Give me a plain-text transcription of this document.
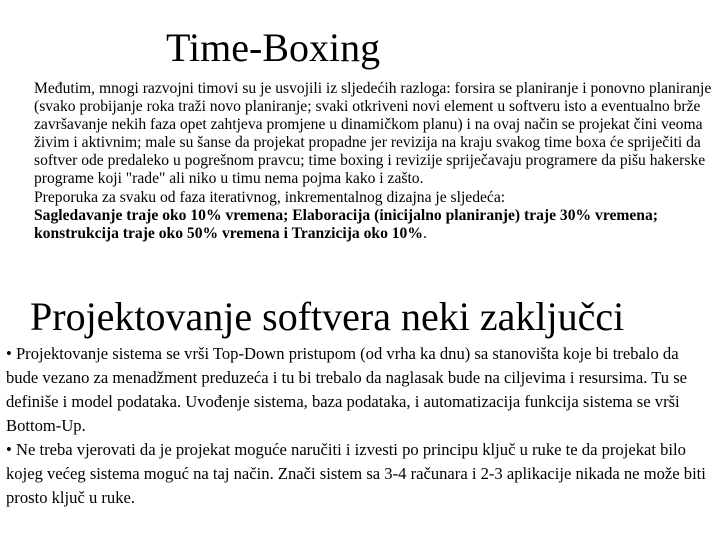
Time-Boxing

Međutim, mnogi razvojni timovi su je usvojili iz sljedećih razloga: forsira se planiranje i ponovno planiranje (svako probijanje roka traži novo planiranje; svaki otkriveni novi element u softveru isto a eventualno brže završavanje nekih faza opet zahtjeva promjene u dinamičkom planu) i na ovaj način se projekat čini veoma živim i aktivnim; male su šanse da projekat propadne jer revizija na kraju svakog time boxa će spriječiti da softver ode predaleko u pogrešnom pravcu; time boxing i revizije spriječavaju programere da pišu hakerske programe koji "rade" ali niko u timu nema pojma kako i zašto.

Preporuka za svaku od faza iterativnog, inkrementalnog dizajna je sljedeća:
Sagledavanje traje oko 10% vremena; Elaboracija (inicijalno planiranje) traje 30% vremena; konstrukcija traje oko 50% vremena i Tranzicija oko 10%.

Projektovanje softvera neki zaključci

• Projektovanje sistema se vrši Top-Down pristupom (od vrha ka dnu) sa stanovišta koje bi trebalo da bude vezano za menadžment preduzeća i tu bi trebalo da naglasak bude na ciljevima i resursima. Tu se definiše i model podataka. Uvođenje sistema, baza podataka, i automatizacija funkcija sistema se vrši Bottom-Up.

• Ne treba vjerovati da je projekat moguće naručiti i izvesti po principu ključ u ruke te da projekat bilo kojeg većeg sistema moguć na taj način. Znači sistem sa 3-4 računara i 2-3 aplikacije nikada ne može biti prosto ključ u ruke.
